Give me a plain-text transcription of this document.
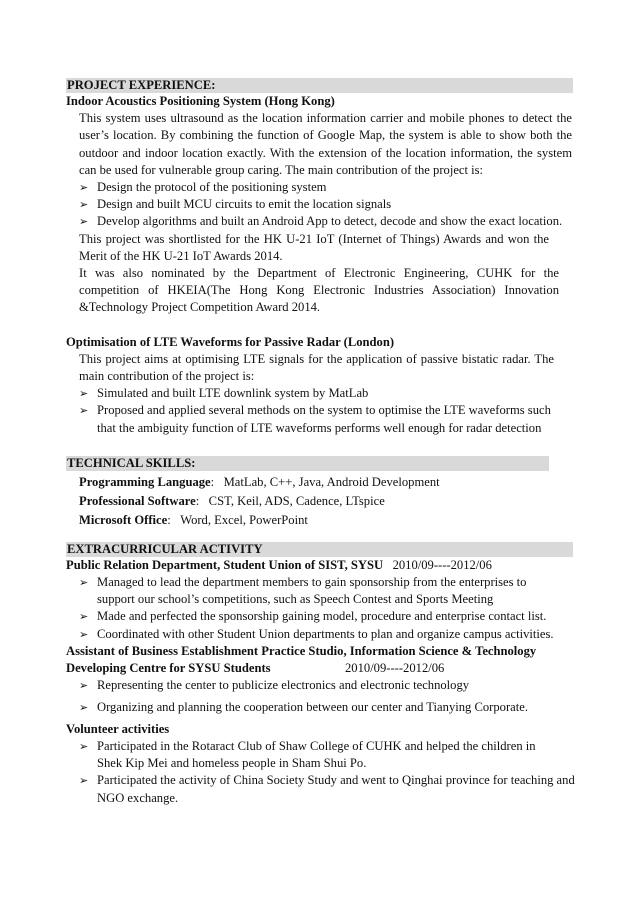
PROJECT EXPERIENCE:
Indoor Acoustics Positioning System (Hong Kong)
This system uses ultrasound as the location information carrier and mobile phones to detect the user’s location. By combining the function of Google Map, the system is able to show both the outdoor and indoor location exactly. With the extension of the location information, the system can be used for vulnerable group caring. The main contribution of the project is:
➢ Design the protocol of the positioning system
➢ Design and built MCU circuits to emit the location signals
➢ Develop algorithms and built an Android App to detect, decode and show the exact location.
This project was shortlisted for the HK U-21 IoT (Internet of Things) Awards and won the Merit of the HK U-21 IoT Awards 2014.
It was also nominated by the Department of Electronic Engineering, CUHK for the competition of HKEIA(The Hong Kong Electronic Industries Association) Innovation &Technology Project Competition Award 2014.
Optimisation of LTE Waveforms for Passive Radar (London)
This project aims at optimising LTE signals for the application of passive bistatic radar. The main contribution of the project is:
➢ Simulated and built LTE downlink system by MatLab
➢ Proposed and applied several methods on the system to optimise the LTE waveforms such that the ambiguity function of LTE waveforms performs well enough for radar detection
TECHNICAL SKILLS:
Programming Language:   MatLab, C++, Java, Android Development
Professional Software:   CST, Keil, ADS, Cadence, LTspice
Microsoft Office:   Word, Excel, PowerPoint
EXTRACURRICULAR ACTIVITY
Public Relation Department, Student Union of SIST, SYSU 2010/09----2012/06
➢ Managed to lead the department members to gain sponsorship from the enterprises to support our school’s competitions, such as Speech Contest and Sports Meeting
➢ Made and perfected the sponsorship gaining model, procedure and enterprise contact list.
➢ Coordinated with other Student Union departments to plan and organize campus activities.
Assistant of Business Establishment Practice Studio, Information Science & Technology
Developing Centre for SYSU Students	2010/09----2012/06
➢ Representing the center to publicize electronics and electronic technology
➢ Organizing and planning the cooperation between our center and Tianying Corporate.
Volunteer activities
➢ Participated in the Rotaract Club of Shaw College of CUHK and helped the children in Shek Kip Mei and homeless people in Sham Shui Po.
➢ Participated the activity of China Society Study and went to Qinghai province for teaching and NGO exchange.
